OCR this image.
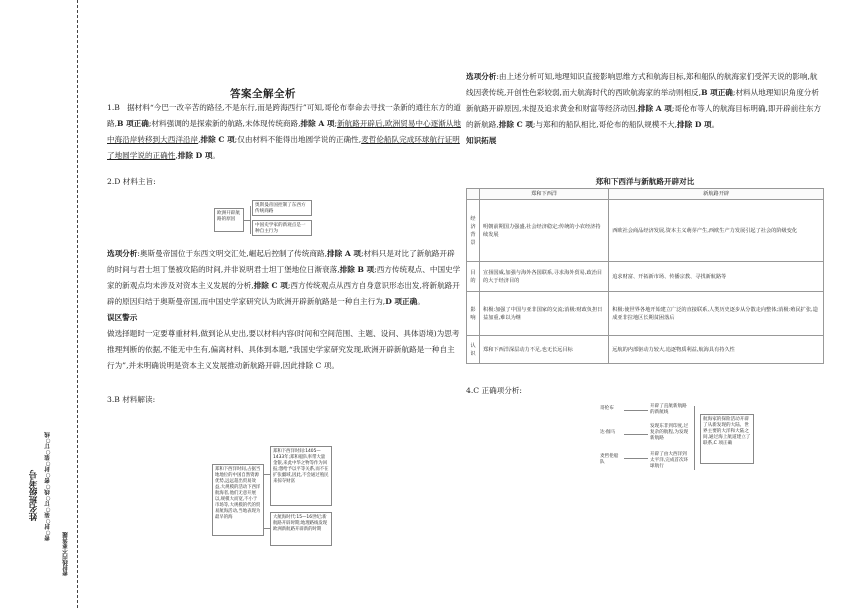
姓名班级考号 密○封○装○订○线○密○封○装○订○线
密封线内不要答题
答案全解全析

1.B 据材料“今巴一改辛苦的路径,不是东行,而是跨海西行”可知,哥伦布奉命去寻找一条新的通往东方的道路,B 项正确;材料强调的是探索新的航路,未体现传统商路,排除 A 项;新航路开辟后,欧洲贸易中心逐渐从地中海沿岸转移到大西洋沿岸,排除 C 项;仅由材料不能得出地圆学说的正确性,麦哲伦船队完成环球航行证明了地圆学说的正确性,排除 D 项。

2.D 材料主旨:

选项分析:奥斯曼帝国位于东西文明交汇处,崛起后控制了传统商路,排除 A 项;材料只是对比了新航路开辟的时间与君士坦丁堡被攻陷的时间,并非说明君士坦丁堡地位日渐衰落,排除 B 项;西方传统观点、中国史学家的新观点均未涉及对资本主义发展的分析,排除 C 项;西方传统观点从西方自身意识形态出发,将新航路开辟的原因归结于奥斯曼帝国,而中国史学家研究认为欧洲开辟新航路是一种自主行为,D 项正确。

误区警示

做选择题时一定要尊重材料,做到论从史出,要以材料内容(时间和空间范围、主题、设问、具体语境)为思考推理判断的依据,不能无中生有,偏离材料、具体到本题,“我国史学家研究发现,欧洲开辟新航路是一种自主行为”,并未明确说明是资本主义发展推动新航路开辟,因此排除 C 项。

3.B 材料解读:

欧洲开辟航路的原因
奥斯曼帝国控制了东西方传统商路
中国史学家的新观点是一种自主行为
郑和下西洋时间,占据当地地位的中国自然资源优势,远远超出贸易效益,大规模的活动下西洋航海者,他们无意开展以,规模大而宽,不小于市场等,大规模的代的贸易航海活动,当地表现为最早的海
郑和下西洋时间:1405—1433年;郑和船队率带大量金银,来此中华之物等作为回报;想给予以平等关系,而不在扩张疆域,因此,不会通过殖民来掠夺财富
大航海时代:15—16世纪;新航路开辟时期;地理路线发现欧洲新航路开辟新的时期

选项分析:由上述分析可知,地理知识直接影响思维方式和航海目标,郑和船队的航海家们受浑天说的影响,航线因袭传统,开创性色彩较弱,而大航海时代的西欧航海家的举动则相反,B 项正确;材料从地理知识角度分析新航路开辟原因,未提及追求黄金和财富等经济动因,排除 A 项;哥伦布等人的航海目标明确,即开辟前往东方的新航路,排除 C 项;与郑和的船队相比,哥伦布的船队规模不大,排除 D 项。

知识拓展

郑和下西洋与新航路开辟对比
	郑和下西洋	新航路开辟
经济背景	明朝前期国力强盛,社会经济稳定;传统的小农经济持续发展	西欧社会商品经济发展,资本主义萌芽产生,西欧生产力发展引起了社会的阶级变化
目的	宣扬国威,加强与海外各国联系,寻求海外贸易,政治目的大于经济目的	追求财富、开拓新市场、传播宗教、寻找新航路等
影响	积极:加强了中国与亚非国家的交流;消极:财政负担日益加重,难以为继	积极:使世界各地开始建立广泛的直接联系,人类历史逐步从分散走向整体;消极:殖民扩张,造成亚非拉地区长期贫困落后
认识	郑和下西洋深层动力不足,也无长远目标	远航的内部驱动力较大,追逐物质利益,航海具有持久性

4.C 正确项分析:

哥伦布
达·伽马
麦哲伦船队
开辟了直航新航路的新航线
发现东非到印度,过复杂的航程,为发现新航路
开辟了由大西洋到太平洋,完成首次环球航行
航海家的探险活动开辟了从新发现的大陆、世界主要的大洋和大陆之间,通过海上航道建立了联系,C 项正确
